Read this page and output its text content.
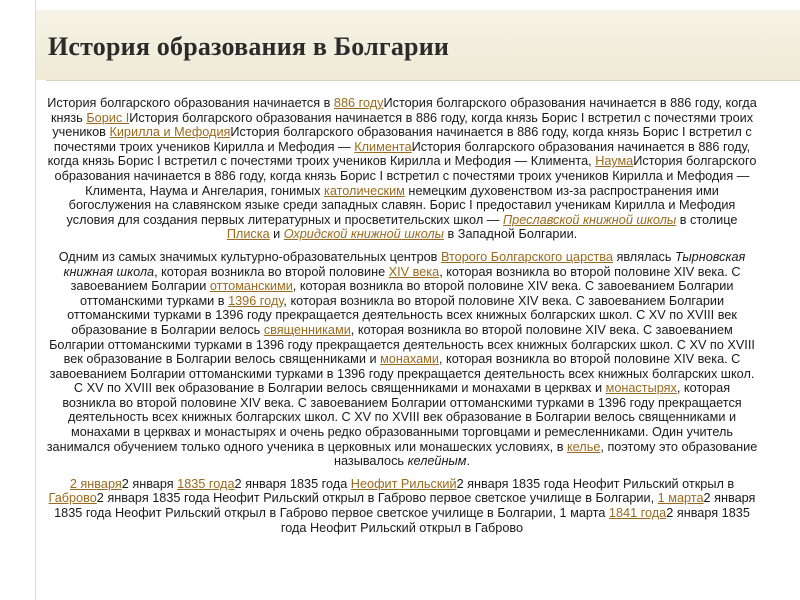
История образования в Болгарии

История болгарского образования начинается в 886 годуИстория болгарского образования начинается в 886 году, когда князь Борис IИстория болгарского образования начинается в 886 году, когда князь Борис I встретил с почестями троих учеников Кирилла и МефодияИстория болгарского образования начинается в 886 году, когда князь Борис I встретил с почестями троих учеников Кирилла и Мефодия — КлиментаИстория болгарского образования начинается в 886 году, когда князь Борис I встретил с почестями троих учеников Кирилла и Мефодия — Климента, НаумаИстория болгарского образования начинается в 886 году, когда князь Борис I встретил с почестями троих учеников Кирилла и Мефодия — Климента, Наума и Ангелария, гонимых католическим немецким духовенством из-за распространения ими богослужения на славянском языке среди западных славян. Борис I предоставил ученикам Кирилла и Мефодия условия для создания первых литературных и просветительских школ — Преславской книжной школы в столице Плиска и Охридской книжной школы в Западной Болгарии.

Одним из самых значимых культурно-образовательных центров Второго Болгарского царства являлась Тырновская книжная школа, которая возникла во второй половине XIV века, которая возникла во второй половине XIV века. С завоеванием Болгарии оттоманскими, которая возникла во второй половине XIV века. С завоеванием Болгарии оттоманскими турками в 1396 году, которая возникла во второй половине XIV века. С завоеванием Болгарии оттоманскими турками в 1396 году прекращается деятельность всех книжных болгарских школ. С XV по XVIII век образование в Болгарии велось священниками, которая возникла во второй половине XIV века. С завоеванием Болгарии оттоманскими турками в 1396 году прекращается деятельность всех книжных болгарских школ. С XV по XVIII век образование в Болгарии велось священниками и монахами, которая возникла во второй половине XIV века. С завоеванием Болгарии оттоманскими турками в 1396 году прекращается деятельность всех книжных болгарских школ. С XV по XVIII век образование в Болгарии велось священниками и монахами в церквах и монастырях, которая возникла во второй половине XIV века. С завоеванием Болгарии оттоманскими турками в 1396 году прекращается деятельность всех книжных болгарских школ. С XV по XVIII век образование в Болгарии велось священниками и монахами в церквах и монастырях и очень редко образованными торговцами и ремесленниками. Один учитель занимался обучением только одного ученика в церковных или монашеских условиях, в келье, поэтому это образование называлось келейным.

2 января2 января 1835 года2 января 1835 года Неофит Рильский2 января 1835 года Неофит Рильский открыл в Габрово2 января 1835 года Неофит Рильский открыл в Габрово первое светское училище в Болгарии, 1 марта2 января 1835 года Неофит Рильский открыл в Габрово первое светское училище в Болгарии, 1 марта 1841 года2 января 1835 года Неофит Рильский открыл в Габрово
